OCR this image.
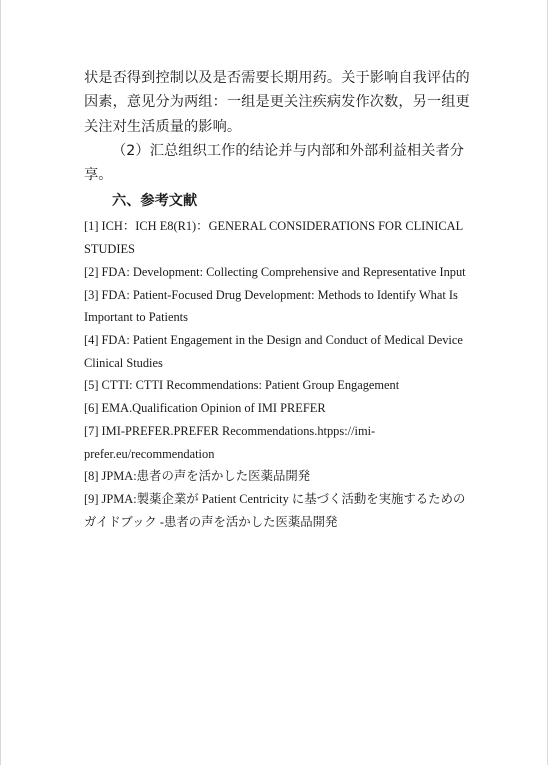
状是否得到控制以及是否需要长期用药。关于影响自我评估的因素，意见分为两组：一组是更关注疾病发作次数，另一组更关注对生活质量的影响。

（2）汇总组织工作的结论并与内部和外部利益相关者分享。

六、参考文献
[1] ICH：ICH E8(R1)：GENERAL CONSIDERATIONS FOR CLINICAL STUDIES
[2] FDA: Development: Collecting Comprehensive and Representative Input
[3] FDA: Patient-Focused Drug Development: Methods to Identify What Is Important to Patients
[4] FDA: Patient Engagement in the Design and Conduct of Medical Device Clinical Studies
[5] CTTI: CTTI Recommendations: Patient Group Engagement
[6] EMA.Qualification Opinion of IMI PREFER
[7] IMI-PREFER.PREFER Recommendations.htpps://imi-prefer.eu/recommendation
[8] JPMA:患者の声を活かした医薬品開発
[9] JPMA:製薬企業が Patient Centricity に基づく活動を実施するためのガイドブック -患者の声を活かした医薬品開発
